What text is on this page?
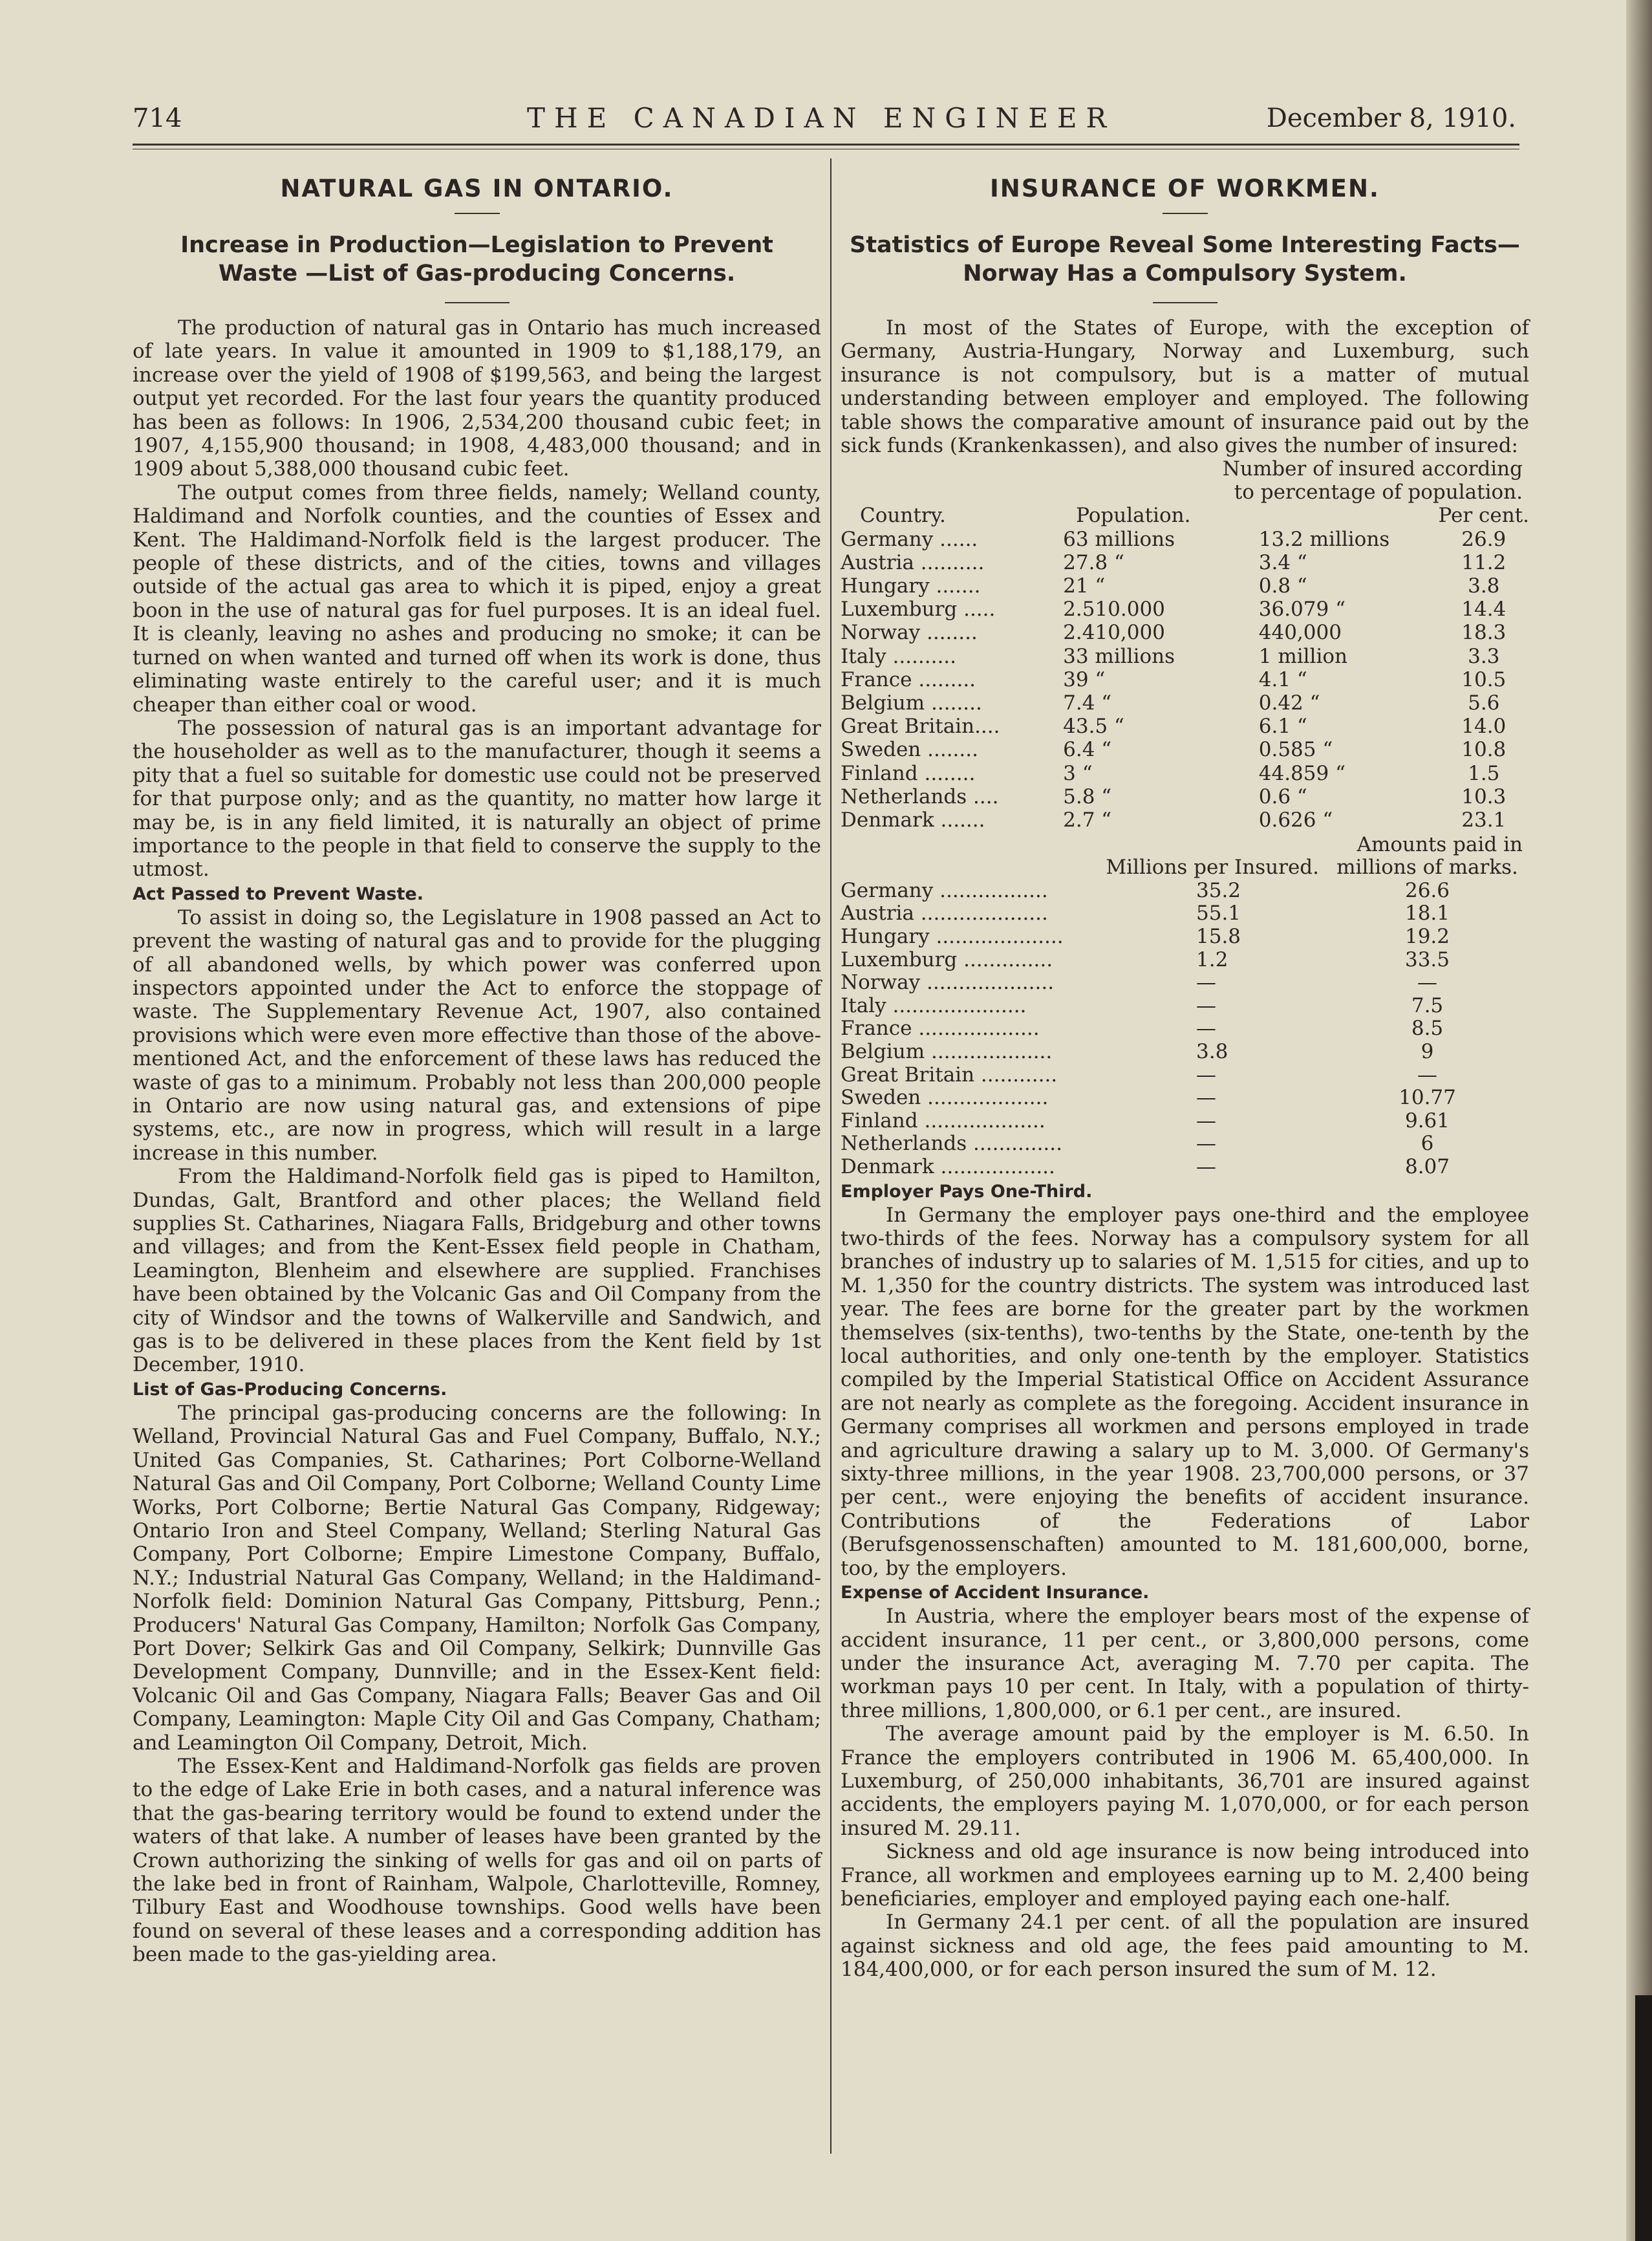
714	THE CANADIAN ENGINEER	December 8, 1910.
NATURAL GAS IN ONTARIO.
Increase in Production—Legislation to Prevent Waste —List of Gas-producing Concerns.

The production of natural gas in Ontario has much increased of late years. In value it amounted in 1909 to $1,188,179, an increase over the yield of 1908 of $199,563, and being the largest output yet recorded. For the last four years the quantity produced has been as follows: In 1906, 2,534,200 thousand cubic feet; in 1907, 4,155,900 thousand; in 1908, 4,483,000 thousand; and in 1909 about 5,388,000 thousand cubic feet.

The output comes from three fields, namely; Welland county, Haldimand and Norfolk counties, and the counties of Essex and Kent. The Haldimand-Norfolk field is the largest producer. The people of these districts, and of the cities, towns and villages outside of the actual gas area to which it is piped, enjoy a great boon in the use of natural gas for fuel purposes. It is an ideal fuel. It is cleanly, leaving no ashes and producing no smoke; it can be turned on when wanted and turned off when its work is done, thus eliminating waste entirely to the careful user; and it is much cheaper than either coal or wood.

The possession of natural gas is an important advantage for the householder as well as to the manufacturer, though it seems a pity that a fuel so suitable for domestic use could not be preserved for that purpose only; and as the quantity, no matter how large it may be, is in any field limited, it is naturally an object of prime importance to the people in that field to conserve the supply to the utmost.

Act Passed to Prevent Waste.

To assist in doing so, the Legislature in 1908 passed an Act to prevent the wasting of natural gas and to provide for the plugging of all abandoned wells, by which power was conferred upon inspectors appointed under the Act to enforce the stoppage of waste. The Supplementary Revenue Act, 1907, also contained provisions which were even more effective than those of the above-mentioned Act, and the enforcement of these laws has reduced the waste of gas to a minimum. Probably not less than 200,000 people in Ontario are now using natural gas, and extensions of pipe systems, etc., are now in progress, which will result in a large increase in this number.

From the Haldimand-Norfolk field gas is piped to Hamilton, Dundas, Galt, Brantford and other places; the Welland field supplies St. Catharines, Niagara Falls, Bridgeburg and other towns and villages; and from the Kent-Essex field people in Chatham, Leamington, Blenheim and elsewhere are supplied. Franchises have been obtained by the Volcanic Gas and Oil Company from the city of Windsor and the towns of Walkerville and Sandwich, and gas is to be delivered in these places from the Kent field by 1st December, 1910.

List of Gas-Producing Concerns.

The principal gas-producing concerns are the following: In Welland, Provincial Natural Gas and Fuel Company, Buffalo, N.Y.; United Gas Companies, St. Catharines; Port Colborne-Welland Natural Gas and Oil Company, Port Colborne; Welland County Lime Works, Port Colborne; Bertie Natural Gas Company, Ridgeway; Ontario Iron and Steel Company, Welland; Sterling Natural Gas Company, Port Colborne; Empire Limestone Company, Buffalo, N.Y.; Industrial Natural Gas Company, Welland; in the Haldimand-Norfolk field: Dominion Natural Gas Company, Pittsburg, Penn.; Producers' Natural Gas Company, Hamilton; Norfolk Gas Company, Port Dover; Selkirk Gas and Oil Company, Selkirk; Dunnville Gas Development Company, Dunnville; and in the Essex-Kent field: Volcanic Oil and Gas Company, Niagara Falls; Beaver Gas and Oil Company, Leamington: Maple City Oil and Gas Company, Chatham; and Leamington Oil Company, Detroit, Mich.

The Essex-Kent and Haldimand-Norfolk gas fields are proven to the edge of Lake Erie in both cases, and a natural inference was that the gas-bearing territory would be found to extend under the waters of that lake. A number of leases have been granted by the Crown authorizing the sinking of wells for gas and oil on parts of the lake bed in front of Rainham, Walpole, Charlotteville, Romney, Tilbury East and Woodhouse townships. Good wells have been found on several of these leases and a corresponding addition has been made to the gas-yielding area.

INSURANCE OF WORKMEN.
Statistics of Europe Reveal Some Interesting Facts—Norway Has a Compulsory System.

In most of the States of Europe, with the exception of Germany, Austria-Hungary, Norway and Luxemburg, such insurance is not compulsory, but is a matter of mutual understanding between employer and employed. The following table shows the comparative amount of insurance paid out by the sick funds (Krankenkassen), and also gives the number of insured:

Number of insured according
to percentage of population.
Country.	Population.		Per cent.
Germany ......	63 millions	13.2 millions	26.9
Austria ..........	27.8 “	3.4 “	11.2
Hungary .......	21 “	0.8 “	3.8
Luxemburg .....	2.510.000	36.079 “	14.4
Norway ........	2.410,000	440,000	18.3
Italy ..........	33 millions	1 million	3.3
France .........	39 “	4.1 “	10.5
Belgium ........	7.4 “	0.42 “	5.6
Great Britain....	43.5 “	6.1 “	14.0
Sweden ........	6.4 “	0.585 “	10.8
Finland ........	3 “	44.859 “	1.5
Netherlands ....	5.8 “	0.6 “	10.3
Denmark .......	2.7 “	0.626 “	23.1
Amounts paid in
Millions per Insured.		millions of marks.
Germany .................	35.2	26.6
Austria ....................	55.1	18.1
Hungary ....................	15.8	19.2
Luxemburg ..............	1.2	33.5
Norway ....................	—	—
Italy .....................	—	7.5
France ...................	—	8.5
Belgium ...................	3.8	9
Great Britain ............	—	—
Sweden ...................	—	10.77
Finland ...................	—	9.61
Netherlands ..............	—	6
Denmark ..................	—	8.07
Employer Pays One-Third.

In Germany the employer pays one-third and the employee two-thirds of the fees. Norway has a compulsory system for all branches of industry up to salaries of M. 1,515 for cities, and up to M. 1,350 for the country districts. The system was introduced last year. The fees are borne for the greater part by the workmen themselves (six-tenths), two-tenths by the State, one-tenth by the local authorities, and only one-tenth by the employer. Statistics compiled by the Imperial Statistical Office on Accident Assurance are not nearly as complete as the foregoing. Accident insurance in Germany comprises all workmen and persons employed in trade and agriculture drawing a salary up to M. 3,000. Of Germany's sixty-three millions, in the year 1908. 23,700,000 persons, or 37 per cent., were enjoying the benefits of accident insurance. Contributions of the Federations of Labor (Berufsgenossenschaften) amounted to M. 181,600,000, borne, too, by the employers.

Expense of Accident Insurance.

In Austria, where the employer bears most of the expense of accident insurance, 11 per cent., or 3,800,000 persons, come under the insurance Act, averaging M. 7.70 per capita. The workman pays 10 per cent. In Italy, with a population of thirty-three millions, 1,800,000, or 6.1 per cent., are insured.

The average amount paid by the employer is M. 6.50. In France the employers contributed in 1906 M. 65,400,000. In Luxemburg, of 250,000 inhabitants, 36,701 are insured against accidents, the employers paying M. 1,070,000, or for each person insured M. 29.11.

Sickness and old age insurance is now being introduced into France, all workmen and employees earning up to M. 2,400 being beneficiaries, employer and employed paying each one-half.

In Germany 24.1 per cent. of all the population are insured against sickness and old age, the fees paid amounting to M. 184,400,000, or for each person insured the sum of M. 12.
